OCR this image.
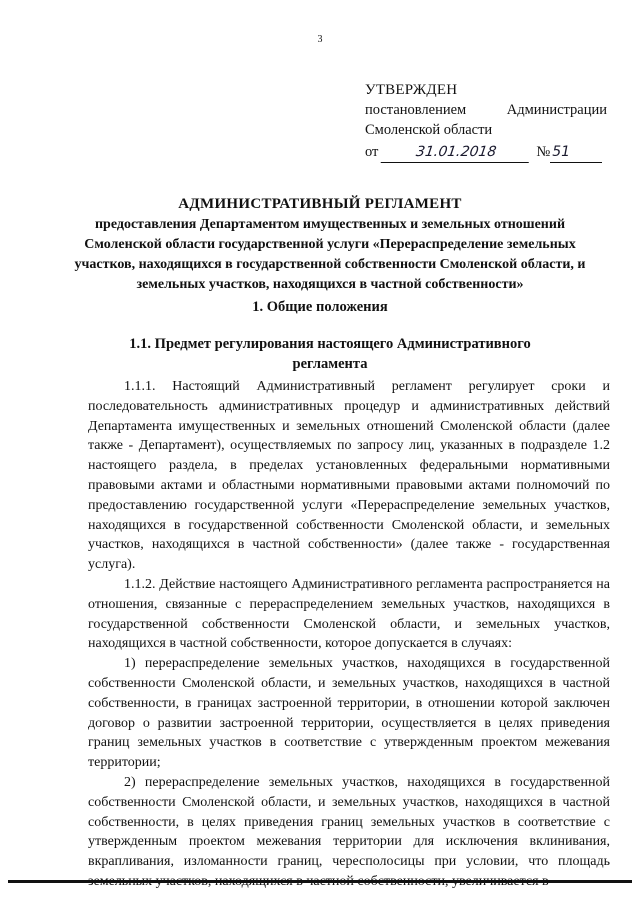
3
УТВЕРЖДЕН
постановлением	Администрации
Смоленской области
от	31.01.2018	№ 51
АДМИНИСТРАТИВНЫЙ РЕГЛАМЕНТ
предоставления Департаментом имущественных и земельных отношений Смоленской области государственной услуги «Перераспределение земельных участков, находящихся в государственной собственности Смоленской области, и земельных участков, находящихся в частной собственности»
1. Общие положения
1.1. Предмет регулирования настоящего Административного регламента

1.1.1. Настоящий Административный регламент регулирует сроки и последовательность административных процедур и административных действий Департамента имущественных и земельных отношений Смоленской области (далее также - Департамент), осуществляемых по запросу лиц, указанных в подразделе 1.2 настоящего раздела, в пределах установленных федеральными нормативными правовыми актами и областными нормативными правовыми актами полномочий по предоставлению государственной услуги «Перераспределение земельных участков, находящихся в государственной собственности Смоленской области, и земельных участков, находящихся в частной собственности» (далее также - государственная услуга).

1.1.2. Действие настоящего Административного регламента распространяется на отношения, связанные с перераспределением земельных участков, находящихся в государственной собственности Смоленской области, и земельных участков, находящихся в частной собственности, которое допускается в случаях:

1) перераспределение земельных участков, находящихся в государственной собственности Смоленской области, и земельных участков, находящихся в частной собственности, в границах застроенной территории, в отношении которой заключен договор о развитии застроенной территории, осуществляется в целях приведения границ земельных участков в соответствие с утвержденным проектом межевания территории;

2) перераспределение земельных участков, находящихся в государственной собственности Смоленской области, и земельных участков, находящихся в частной собственности, в целях приведения границ земельных участков в соответствие с утвержденным проектом межевания территории для исключения вклинивания, вкрапливания, изломанности границ, чересполосицы при условии, что площадь
